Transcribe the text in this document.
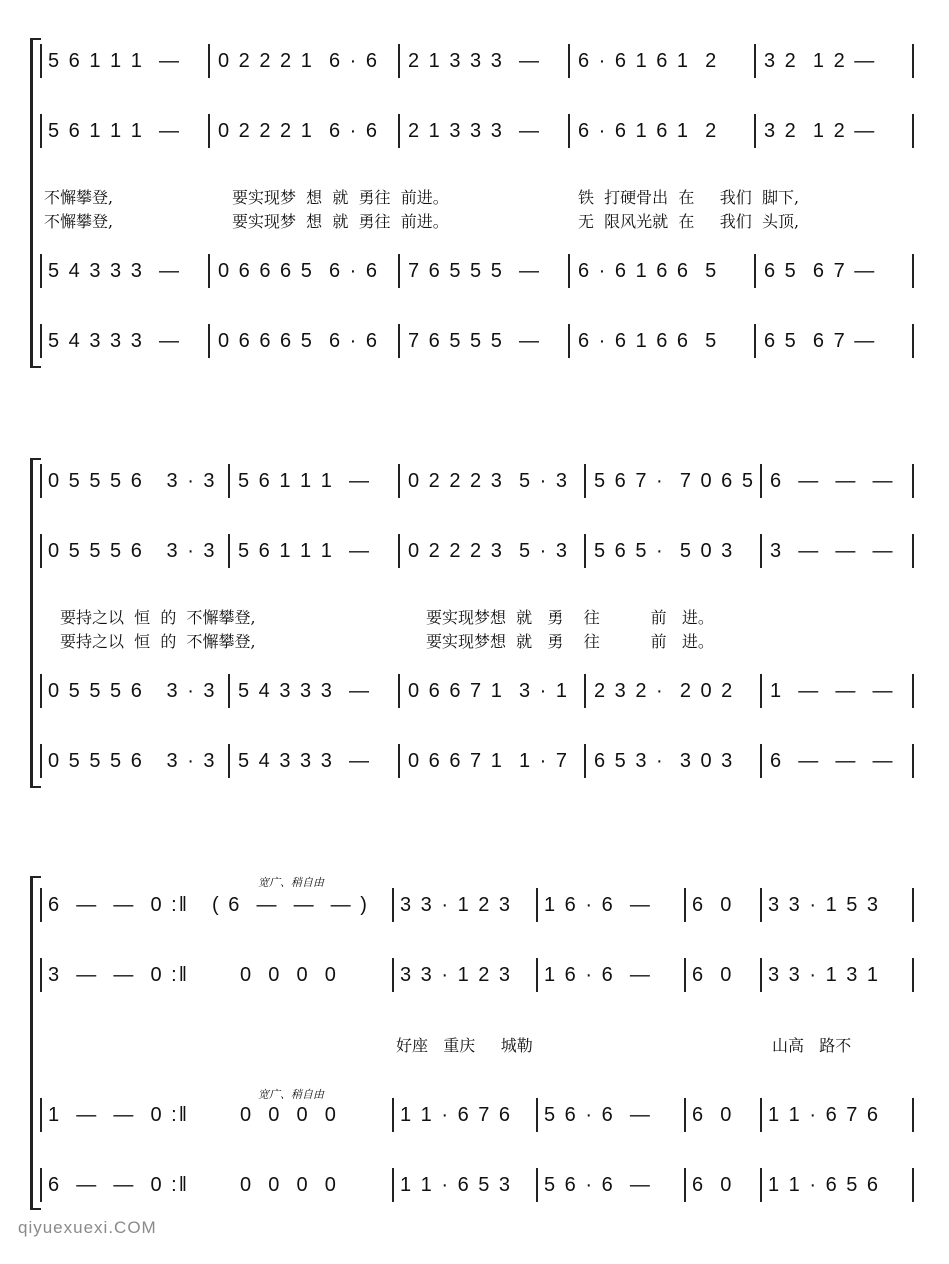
5 6 1 1 1  — 0 2 2 2 1  6 · 6 2 1 3 3 3  — 6 · 6 1 6 1  2 3 2  1 2 —
5 6 1 1 1  — 0 2 2 2 1  6 · 6 2 1 3 3 3  — 6 · 6 1 6 1  2 3 2  1 2 —

不懈攀登,

	要实现梦  想  就  勇往  前进。

	铁  打硬骨出  在     我们  脚下,

不懈攀登,

	要实现梦  想  就  勇往  前进。

	无  限风光就  在     我们  头顶,

5 4 3 3 3  — 0 6 6 6 5  6 · 6 7 6 5 5 5  — 6 · 6 1 6 6  5 6 5  6 7 —
5 4 3 3 3  — 0 6 6 6 5  6 · 6 7 6 5 5 5  — 6 · 6 1 6 6  5 6 5  6 7 —
0 5 5 5 6   3 · 3 5 6 1 1 1  — 0 2 2 2 3  5 · 3 5 6 7 ·  7 0 6 5 6  —  —  —
0 5 5 5 6   3 · 3 5 6 1 1 1  — 0 2 2 2 3  5 · 3 5 6 5 ·  5 0 3 3  —  —  —

要持之以  恒  的  不懈攀登,

	要实现梦想  就   勇    往          前   进。

要持之以  恒  的  不懈攀登,

	要实现梦想  就   勇    往          前   进。

0 5 5 5 6   3 · 3 5 4 3 3 3  — 0 6 6 7 1  3 · 1 2 3 2 ·  2 0 2 1  —  —  —
0 5 5 5 6   3 · 3 5 4 3 3 3  — 0 6 6 7 1  1 · 7 6 5 3 ·  3 0 3 6  —  —  —
宽广、稍自由
6  —  —  0 :‖ ( 6  —  —  — ) 3 3 · 1 2 3 1 6 · 6  — 6  0 3 3 · 1 5 3
3  —  —  0 :‖	0  0  0  0	3 3 · 1 2 3 1 6 · 6  — 6  0 3 3 · 1 3 1

好座   重庆     城勒

	山高   路不

宽广、稍自由
1  —  —  0 :‖	0  0  0  0	1 1 · 6 7 6 5 6 · 6  — 6  0 1 1 · 6 7 6
6  —  —  0 :‖	0  0  0  0	1 1 · 6 5 3 5 6 · 6  — 6  0 1 1 · 6 5 6
qiyuexuexi.COM
